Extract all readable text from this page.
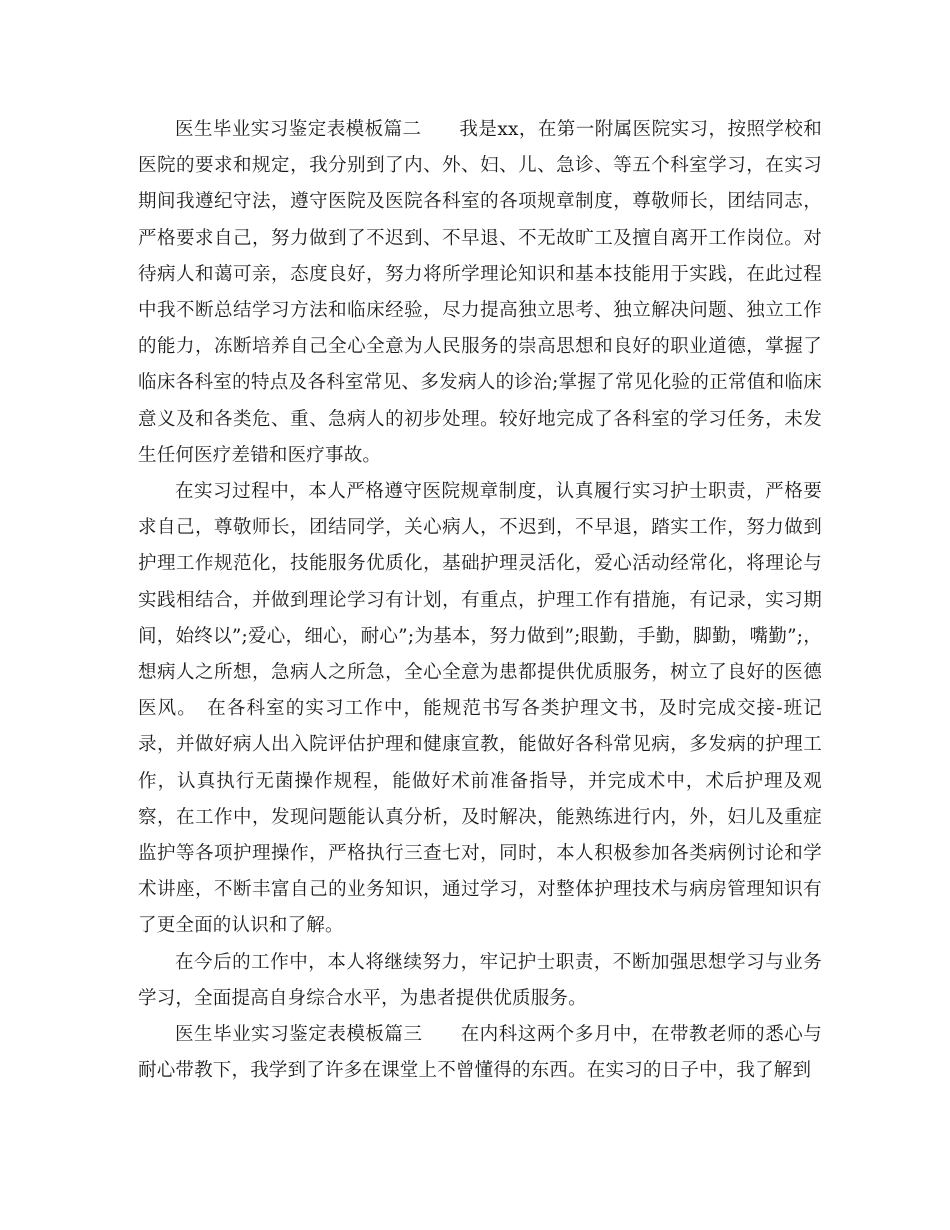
医生毕业实习鉴定表模板篇二　　我是xx，在第一附属医院实习，按照学校和医院的要求和规定，我分别到了内、外、妇、儿、急诊、等五个科室学习，在实习期间我遵纪守法，遵守医院及医院各科室的各项规章制度，尊敬师长，团结同志，严格要求自己，努力做到了不迟到、不早退、不无故旷工及擅自离开工作岗位。对待病人和蔼可亲，态度良好，努力将所学理论知识和基本技能用于实践，在此过程中我不断总结学习方法和临床经验，尽力提高独立思考、独立解决问题、独立工作的能力，冻断培养自己全心全意为人民服务的崇高思想和良好的职业道德，掌握了临床各科室的特点及各科室常见、多发病人的诊治;掌握了常见化验的正常值和临床意义及和各类危、重、急病人的初步处理。较好地完成了各科室的学习任务，未发生任何医疗差错和医疗事故。

在实习过程中，本人严格遵守医院规章制度，认真履行实习护士职责，严格要求自己，尊敬师长，团结同学，关心病人，不迟到，不早退，踏实工作，努力做到护理工作规范化，技能服务优质化，基础护理灵活化，爱心活动经常化，将理论与实践相结合，并做到理论学习有计划，有重点，护理工作有措施，有记录，实习期间，始终以”;爱心，细心，耐心”;为基本，努力做到”;眼勤，手勤，脚勤，嘴勤”;，想病人之所想，急病人之所急，全心全意为患都提供优质服务，树立了良好的医德医风。　在各科室的实习工作中，能规范书写各类护理文书，及时完成交接-班记录，并做好病人出入院评估护理和健康宣教，能做好各科常见病，多发病的护理工作，认真执行无菌操作规程，能做好术前准备指导，并完成术中，术后护理及观察，在工作中，发现问题能认真分析，及时解决，能熟练进行内，外，妇儿及重症监护等各项护理操作，严格执行三查七对，同时，本人积极参加各类病例讨论和学术讲座，不断丰富自己的业务知识，通过学习，对整体护理技术与病房管理知识有了更全面的认识和了解。

在今后的工作中，本人将继续努力，牢记护士职责，不断加强思想学习与业务学习，全面提高自身综合水平，为患者提供优质服务。

医生毕业实习鉴定表模板篇三　　在内科这两个多月中，在带教老师的悉心与耐心带教下，我学到了许多在课堂上不曾懂得的东西。在实习的日子中，我了解到
